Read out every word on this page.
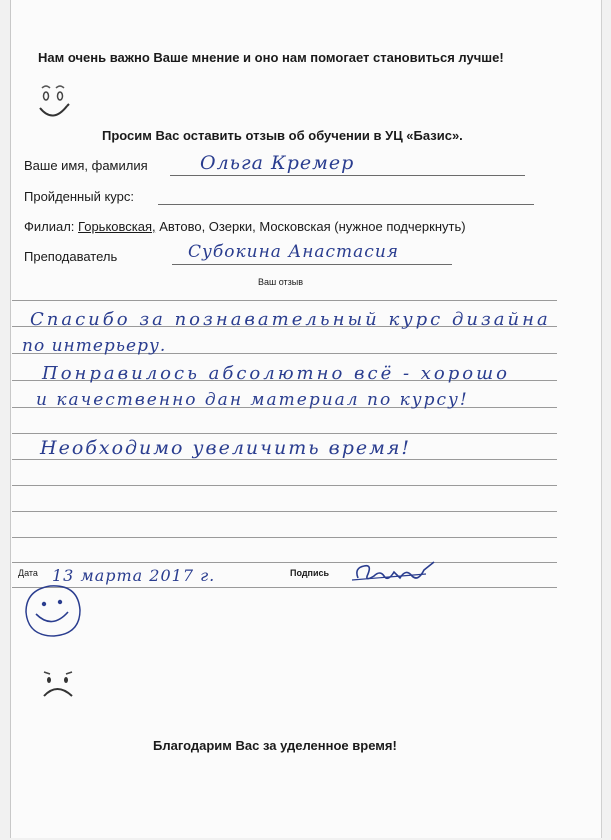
Нам очень важно Ваше мнение и оно нам помогает становиться лучше!
Просим Вас оставить отзыв об обучении в УЦ «Базис».
Ваше имя, фамилия	Ольга Кремер
Пройденный курс:
Филиал: Горьковская, Автово, Озерки, Московская (нужное подчеркнуть)
Преподаватель	Субокина Анастасия
Ваш отзыв
Спасибо за познавательный курс дизайна
по интерьеру.
Понравилось абсолютно всё - хорошо
и качественно дан материал по курсу!
Необходимо увеличить время!
Дата 13 марта 2017 г.	Подпись
Благодарим Вас за уделенное время!
